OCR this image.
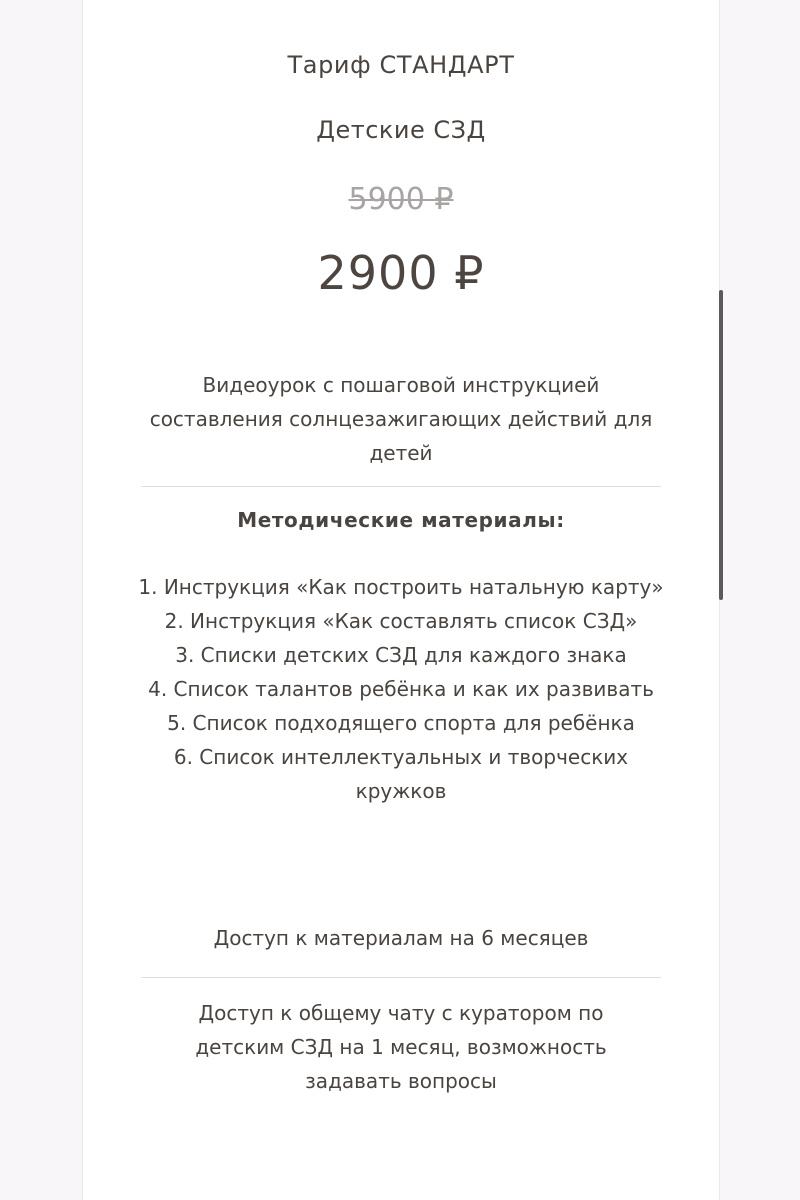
Тариф СТАНДАРТ
Детские СЗД
5900 ₽
2900 ₽
Видеоурок с пошаговой инструкцией составления солнцезажигающих действий для детей
Методические материалы:
1. Инструкция «Как построить натальную карту»
2. Инструкция «Как составлять список СЗД»
3. Списки детских СЗД для каждого знака
4. Список талантов ребёнка и как их развивать
5. Список подходящего спорта для ребёнка
6. Список интеллектуальных и творческих кружков
Доступ к материалам на 6 месяцев
Доступ к общему чату с куратором по детским СЗД на 1 месяц, возможность задавать вопросы
